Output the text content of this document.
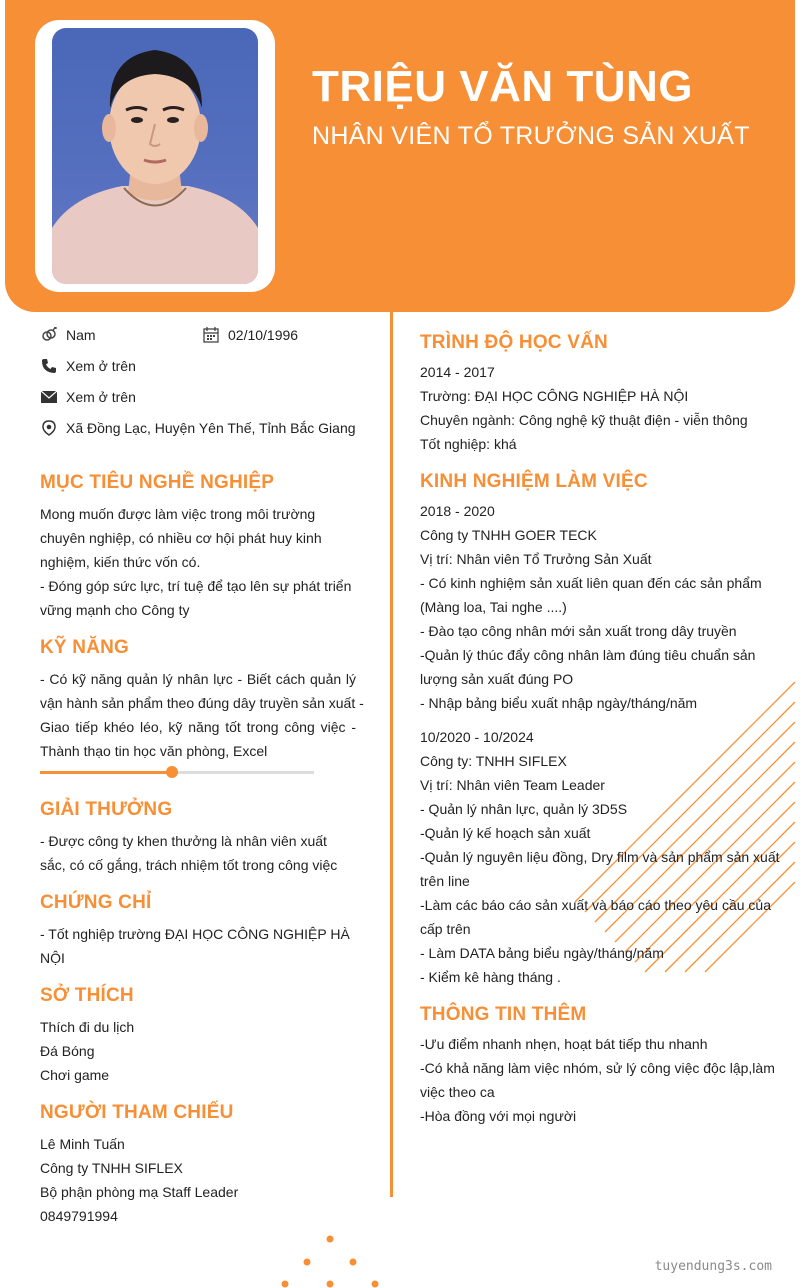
TRIỆU VĂN TÙNG
NHÂN VIÊN TỔ TRƯỞNG SẢN XUẤT
Nam	02/10/1996
Xem ở trên
Xem ở trên
Xã Đồng Lạc, Huyện Yên Thế, Tỉnh Bắc Giang
MỤC TIÊU NGHỀ NGHIỆP
Mong muốn được làm việc trong môi trường
chuyên nghiệp, có nhiều cơ hội phát huy kinh
nghiệm, kiến thức vốn có.
- Đóng góp sức lực, trí tuệ để tạo lên sự phát triển
vững mạnh cho Công ty
KỸ NĂNG
- Có kỹ năng quản lý nhân lực - Biết cách quản lý
vận hành sản phẩm theo đúng dây truyền sản xuất -
Giao tiếp khéo léo, kỹ năng tốt trong công việc -
Thành thạo tin học văn phòng, Excel
GIẢI THƯỞNG
- Được công ty khen thưởng là nhân viên xuất
sắc, có cố gắng, trách nhiệm tốt trong công việc
CHỨNG CHỈ
- Tốt nghiệp trường ĐẠI HỌC CÔNG NGHIỆP HÀ
NỘI
SỞ THÍCH
Thích đi du lịch
Đá Bóng
Chơi game
NGƯỜI THAM CHIẾU
Lê Minh Tuấn
Công ty TNHH SIFLEX
Bộ phận phòng mạ Staff Leader
0849791994
TRÌNH ĐỘ HỌC VẤN
2014 - 2017
Trường: ĐẠI HỌC CÔNG NGHIỆP HÀ NỘI
Chuyên ngành: Công nghệ kỹ thuật điện - viễn thông
Tốt nghiệp: khá
KINH NGHIỆM LÀM VIỆC
2018 - 2020
Công ty TNHH GOER TECK
Vị trí: Nhân viên Tổ Trưởng Sản Xuất
- Có kinh nghiệm sản xuất liên quan đến các sản phẩm
(Màng loa, Tai nghe ....)
- Đào tạo công nhân mới sản xuất trong dây truyền
-Quản lý thúc đẩy công nhân làm đúng tiêu chuẩn sản
lượng sản xuất đúng PO
- Nhập bảng biểu xuất nhập ngày/tháng/năm
10/2020 - 10/2024
Công ty: TNHH SIFLEX
Vị trí: Nhân viên Team Leader
- Quản lý nhân lực, quản lý 3D5S
-Quản lý kế hoạch sản xuất
-Quản lý nguyên liệu đồng, Dry film và sản phẩm sản xuất
trên line
-Làm các báo cáo sản xuất và báo cáo theo yêu cầu của
cấp trên
- Làm DATA bảng biểu ngày/tháng/năm
- Kiểm kê hàng tháng .
THÔNG TIN THÊM
-Ưu điểm nhanh nhẹn, hoạt bát tiếp thu nhanh
-Có khả năng làm việc nhóm, sử lý công việc độc lập,làm
việc theo ca
-Hòa đồng với mọi người
tuyendung3s.com
